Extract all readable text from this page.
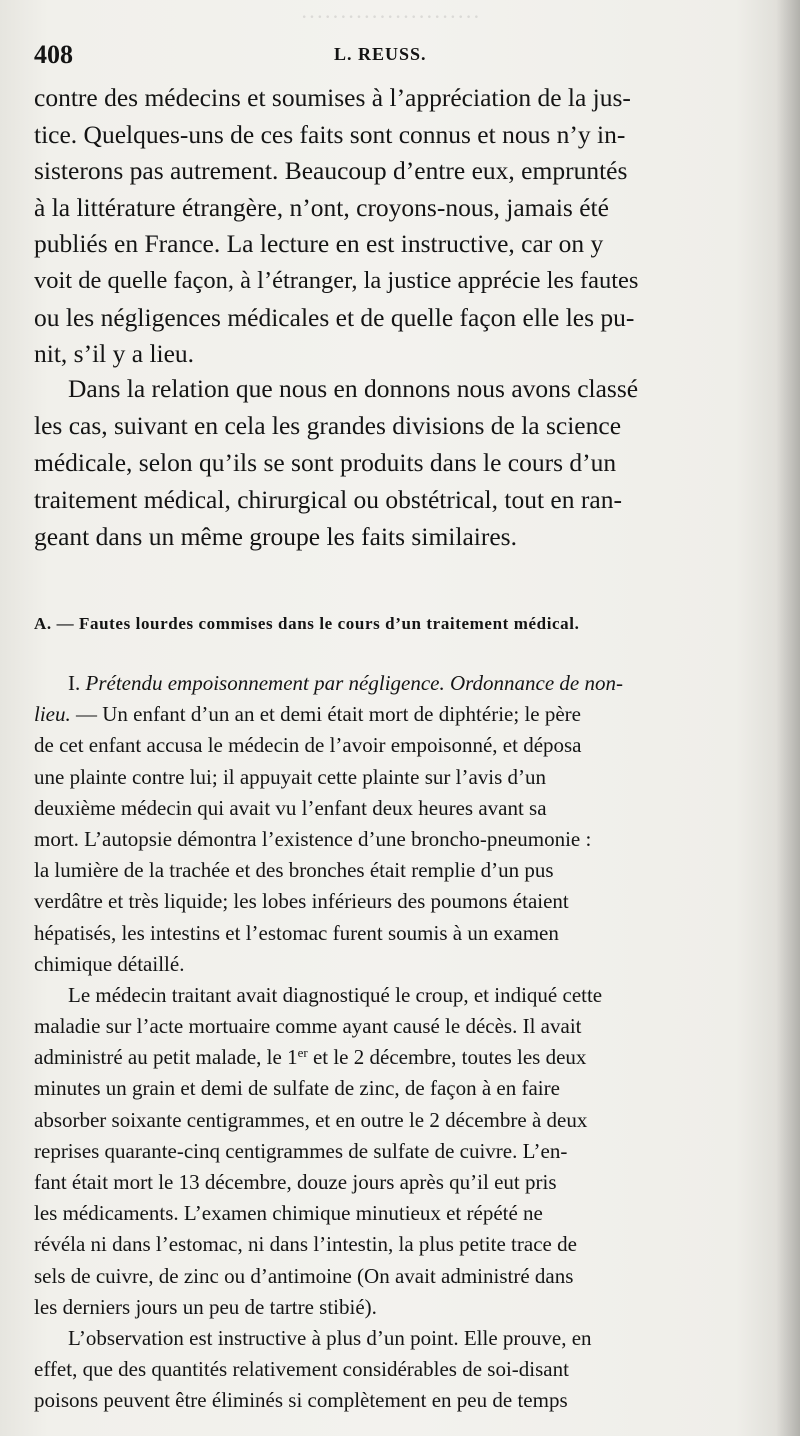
·······················
408	L. REUSS.
contre des médecins et soumises à l’appréciation de la jus-
tice. Quelques-uns de ces faits sont connus et nous n’y in-
sisterons pas autrement. Beaucoup d’entre eux, empruntés
à la littérature étrangère, n’ont, croyons-nous, jamais été
publiés en France. La lecture en est instructive, car on y
voit de quelle façon, à l’étranger, la justice apprécie les fautes
ou les négligences médicales et de quelle façon elle les pu-
nit, s’il y a lieu.
Dans la relation que nous en donnons nous avons classé
les cas, suivant en cela les grandes divisions de la science
médicale, selon qu’ils se sont produits dans le cours d’un
traitement médical, chirurgical ou obstétrical, tout en ran-
geant dans un même groupe les faits similaires.
A. — Fautes lourdes commises dans le cours d’un traitement médical.
I. Prétendu empoisonnement par négligence. Ordonnance de non-
lieu. — Un enfant d’un an et demi était mort de diphtérie; le père
de cet enfant accusa le médecin de l’avoir empoisonné, et déposa
une plainte contre lui; il appuyait cette plainte sur l’avis d’un
deuxième médecin qui avait vu l’enfant deux heures avant sa
mort. L’autopsie démontra l’existence d’une broncho-pneumonie :
la lumière de la trachée et des bronches était remplie d’un pus
verdâtre et très liquide; les lobes inférieurs des poumons étaient
hépatisés, les intestins et l’estomac furent soumis à un examen
chimique détaillé.
Le médecin traitant avait diagnostiqué le croup, et indiqué cette
maladie sur l’acte mortuaire comme ayant causé le décès. Il avait
administré au petit malade, le 1er et le 2 décembre, toutes les deux
minutes un grain et demi de sulfate de zinc, de façon à en faire
absorber soixante centigrammes, et en outre le 2 décembre à deux
reprises quarante-cinq centigrammes de sulfate de cuivre. L’en-
fant était mort le 13 décembre, douze jours après qu’il eut pris
les médicaments. L’examen chimique minutieux et répété ne
révéla ni dans l’estomac, ni dans l’intestin, la plus petite trace de
sels de cuivre, de zinc ou d’antimoine (On avait administré dans
les derniers jours un peu de tartre stibié).
L’observation est instructive à plus d’un point. Elle prouve, en
effet, que des quantités relativement considérables de soi-disant
poisons peuvent être éliminés si complètement en peu de temps
